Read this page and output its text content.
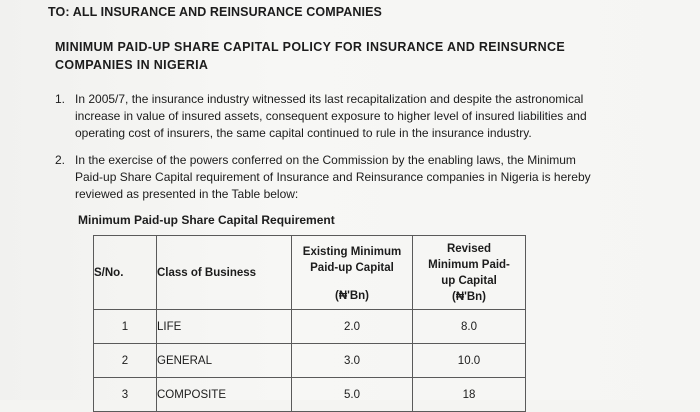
TO: ALL INSURANCE AND REINSURANCE COMPANIES
MINIMUM PAID-UP SHARE CAPITAL POLICY FOR INSURANCE AND REINSURNCE
COMPANIES IN NIGERIA
1. In 2005/7, the insurance industry witnessed its last recapitalization and despite the astronomical
increase in value of insured assets, consequent exposure to higher level of insured liabilities and
operating cost of insurers, the same capital continued to rule in the insurance industry.
2. In the exercise of the powers conferred on the Commission by the enabling laws, the Minimum
Paid-up Share Capital requirement of Insurance and Reinsurance companies in Nigeria is hereby
reviewed as presented in the Table below:
Minimum Paid-up Share Capital Requirement
S/No.	Class of Business	Existing Minimum
Paid-up Capital
(₦'Bn)	Revised
Minimum Paid-
up Capital
(₦'Bn)

1	LIFE	2.0	8.0
2	GENERAL	3.0	10.0
3	COMPOSITE	5.0	18
